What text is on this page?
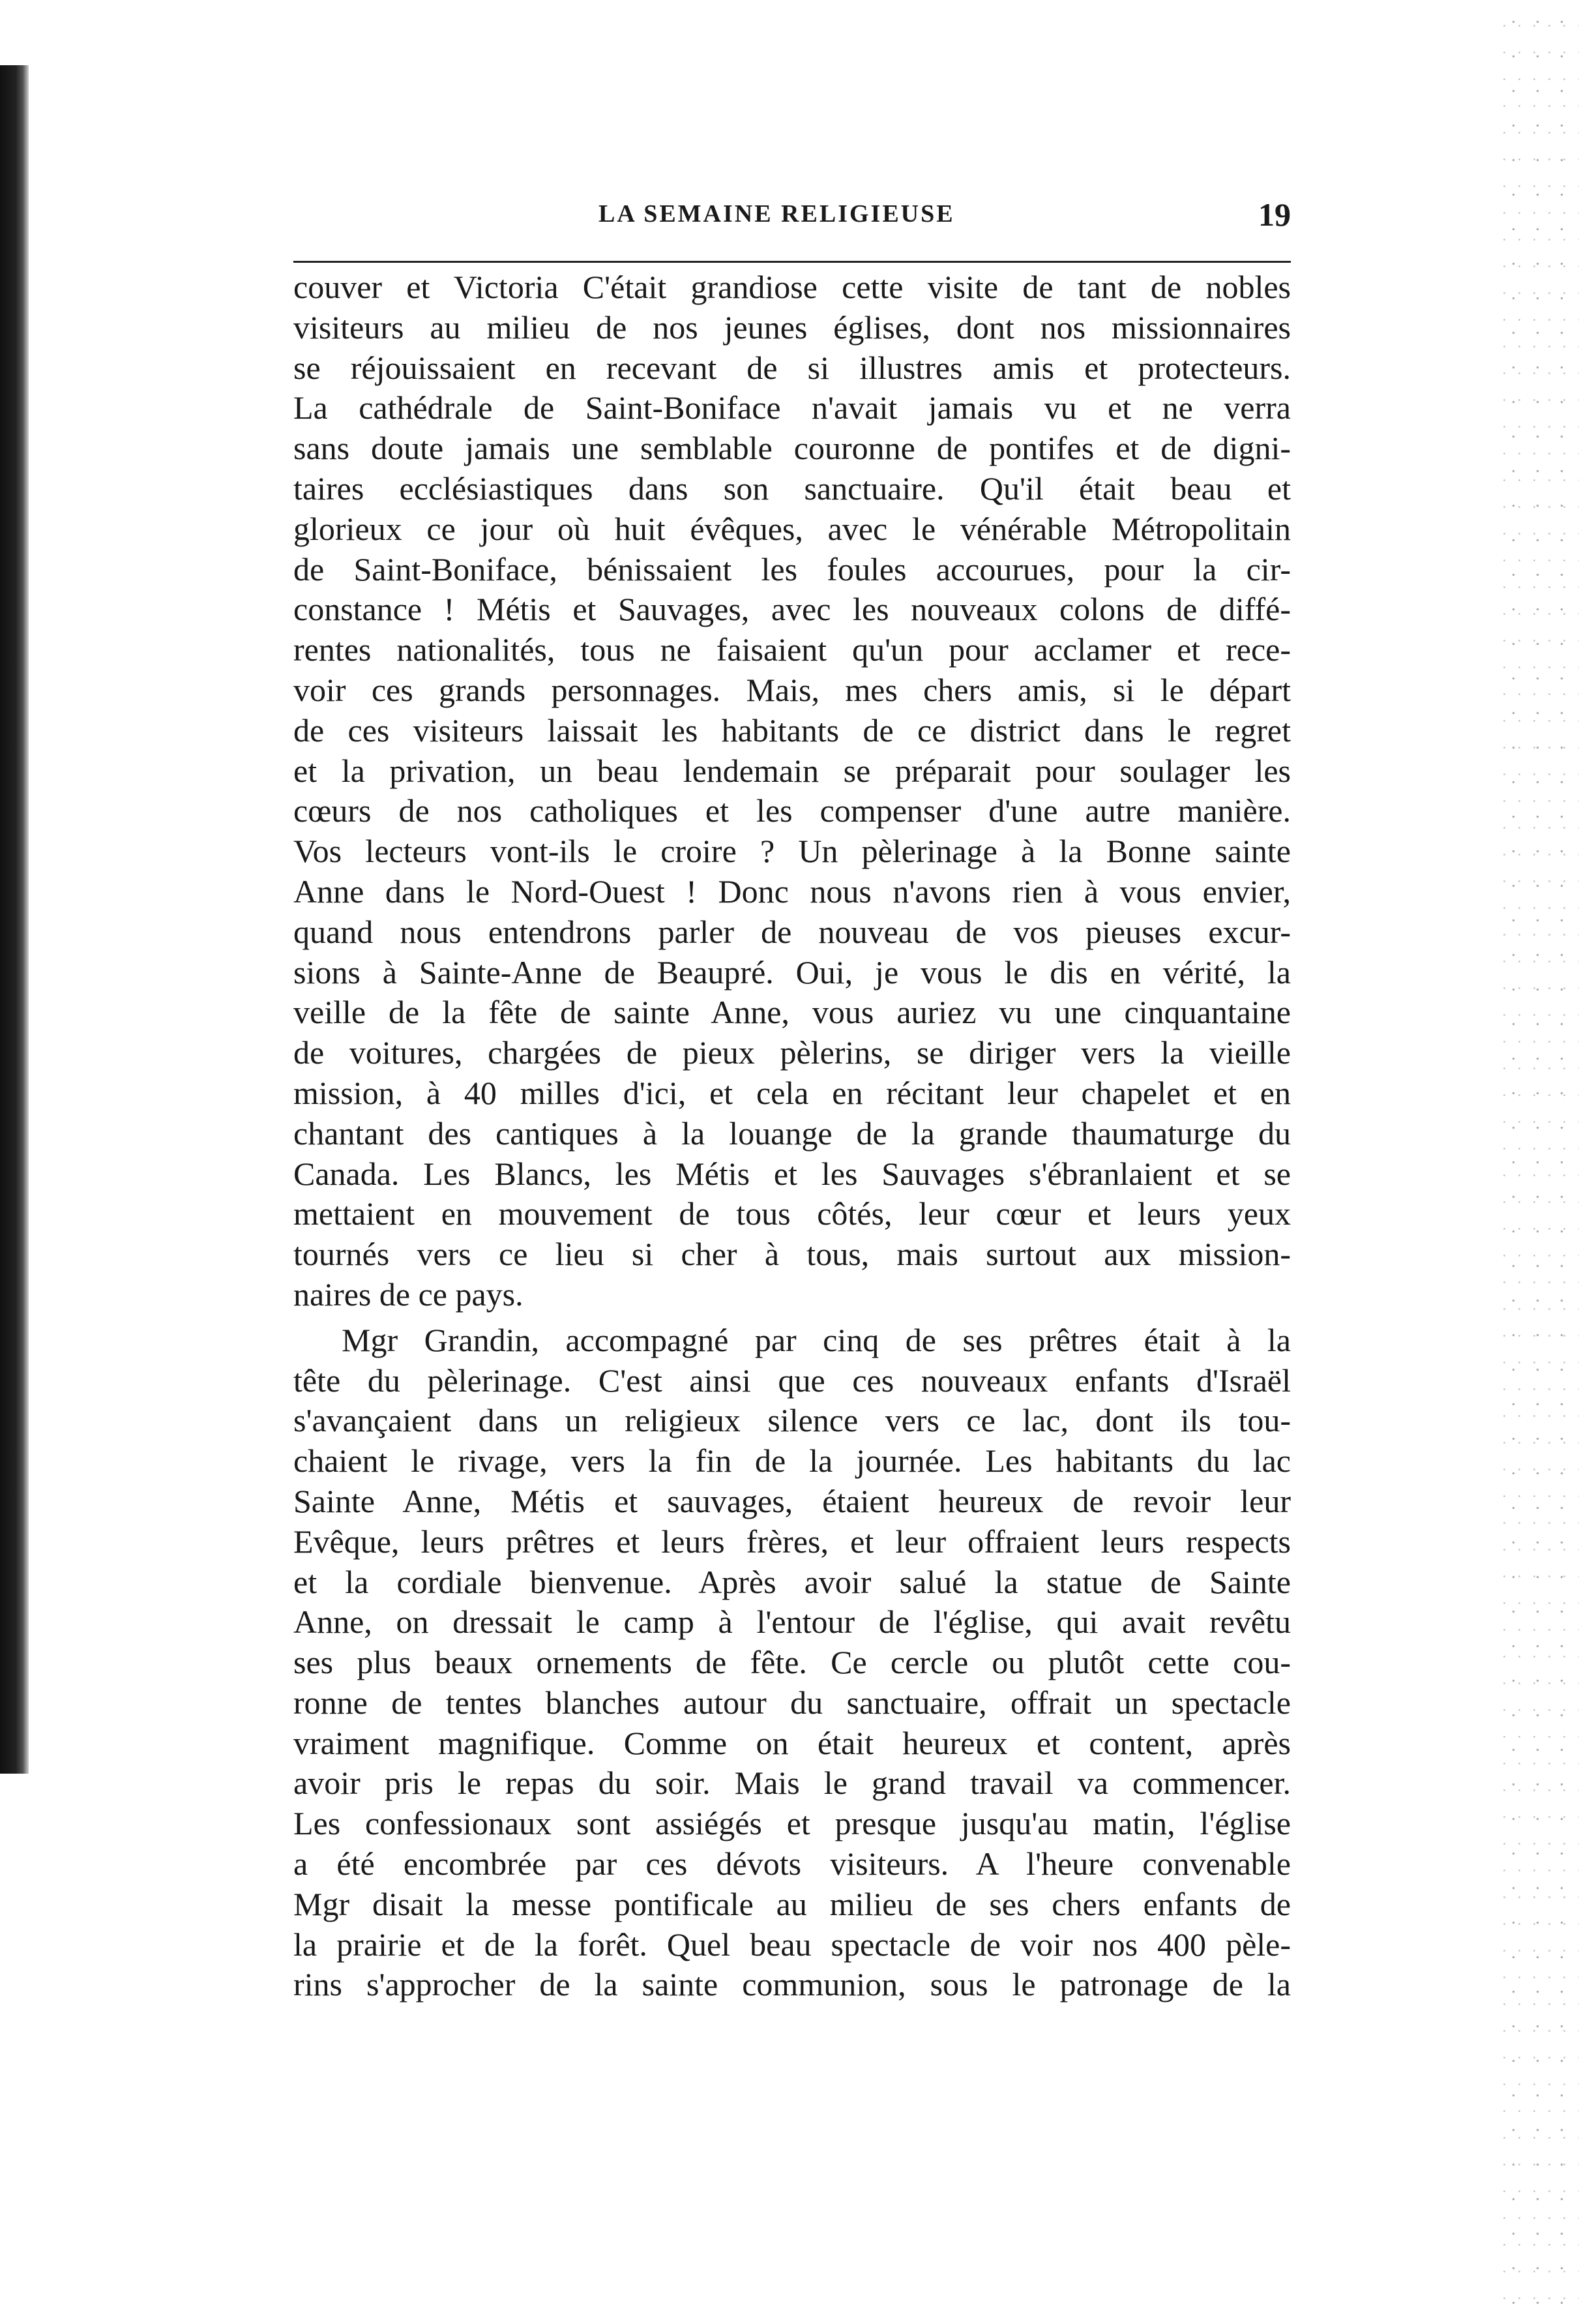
LA SEMAINE RELIGIEUSE	19
couver et Victoria C'était grandiose cette visite de tant de nobles
visiteurs au milieu de nos jeunes églises, dont nos missionnaires
se réjouissaient en recevant de si illustres amis et protecteurs.
La cathédrale de Saint-Boniface n'avait jamais vu et ne verra
sans doute jamais une semblable couronne de pontifes et de digni-
taires ecclésiastiques dans son sanctuaire. Qu'il était beau et
glorieux ce jour où huit évêques, avec le vénérable Métropolitain
de Saint-Boniface, bénissaient les foules accourues, pour la cir-
constance ! Métis et Sauvages, avec les nouveaux colons de diffé-
rentes nationalités, tous ne faisaient qu'un pour acclamer et rece-
voir ces grands personnages. Mais, mes chers amis, si le départ
de ces visiteurs laissait les habitants de ce district dans le regret
et la privation, un beau lendemain se préparait pour soulager les
cœurs de nos catholiques et les compenser d'une autre manière.
Vos lecteurs vont-ils le croire ? Un pèlerinage à la Bonne sainte
Anne dans le Nord-Ouest ! Donc nous n'avons rien à vous envier,
quand nous entendrons parler de nouveau de vos pieuses excur-
sions à Sainte-Anne de Beaupré. Oui, je vous le dis en vérité, la
veille de la fête de sainte Anne, vous auriez vu une cinquantaine
de voitures, chargées de pieux pèlerins, se diriger vers la vieille
mission, à 40 milles d'ici, et cela en récitant leur chapelet et en
chantant des cantiques à la louange de la grande thaumaturge du
Canada. Les Blancs, les Métis et les Sauvages s'ébranlaient et se
mettaient en mouvement de tous côtés, leur cœur et leurs yeux
tournés vers ce lieu si cher à tous, mais surtout aux mission-
naires de ce pays.
Mgr Grandin, accompagné par cinq de ses prêtres était à la
tête du pèlerinage. C'est ainsi que ces nouveaux enfants d'Israël
s'avançaient dans un religieux silence vers ce lac, dont ils tou-
chaient le rivage, vers la fin de la journée. Les habitants du lac
Sainte Anne, Métis et sauvages, étaient heureux de revoir leur
Evêque, leurs prêtres et leurs frères, et leur offraient leurs respects
et la cordiale bienvenue. Après avoir salué la statue de Sainte
Anne, on dressait le camp à l'entour de l'église, qui avait revêtu
ses plus beaux ornements de fête. Ce cercle ou plutôt cette cou-
ronne de tentes blanches autour du sanctuaire, offrait un spectacle
vraiment magnifique. Comme on était heureux et content, après
avoir pris le repas du soir. Mais le grand travail va commencer.
Les confessionaux sont assiégés et presque jusqu'au matin, l'église
a été encombrée par ces dévots visiteurs. A l'heure convenable
Mgr disait la messe pontificale au milieu de ses chers enfants de
la prairie et de la forêt. Quel beau spectacle de voir nos 400 pèle-
rins s'approcher de la sainte communion, sous le patronage de la
